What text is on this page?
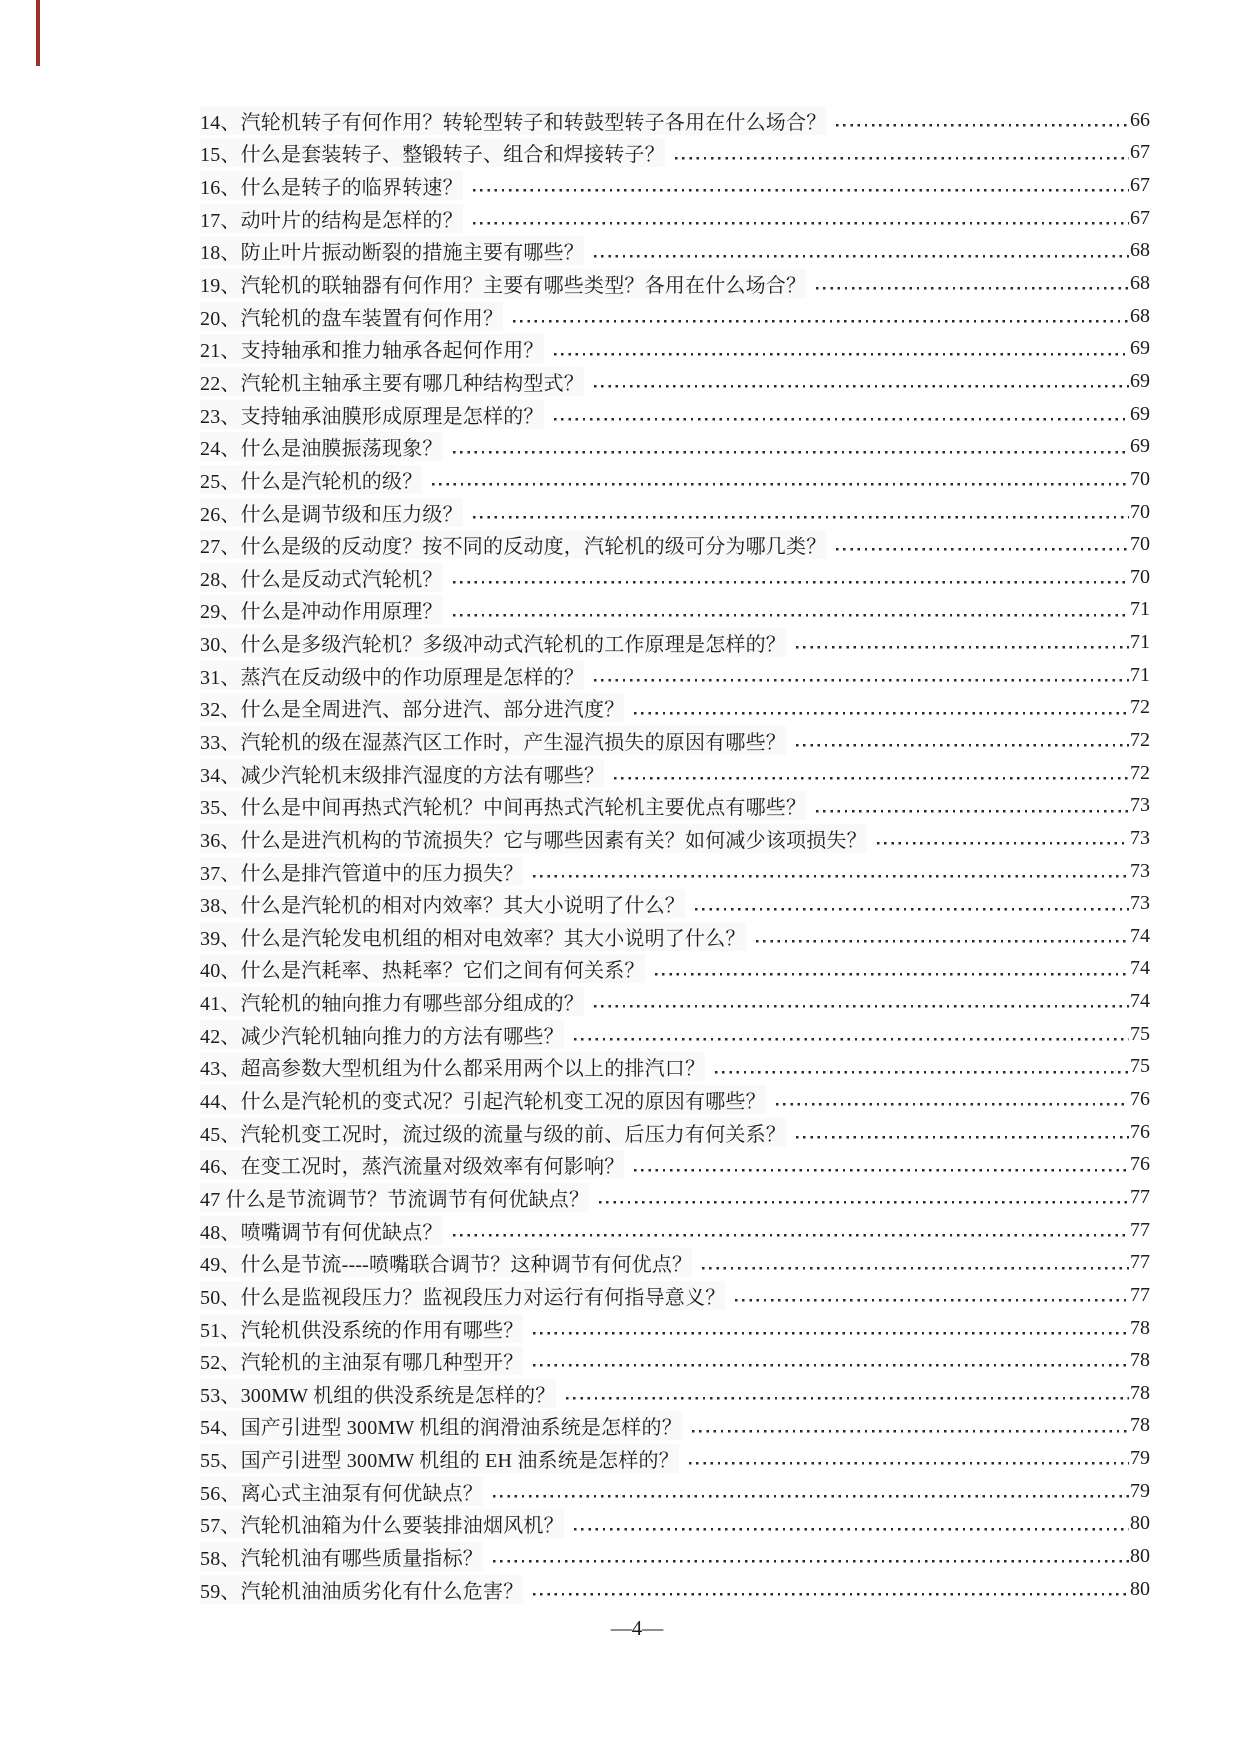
14、汽轮机转子有何作用？转轮型转子和转鼓型转子各用在什么场合？	66
15、什么是套装转子、整锻转子、组合和焊接转子？	67
16、什么是转子的临界转速？	67
17、动叶片的结构是怎样的？	67
18、防止叶片振动断裂的措施主要有哪些？	68
19、汽轮机的联轴器有何作用？主要有哪些类型？各用在什么场合？	68
20、汽轮机的盘车装置有何作用？	68
21、支持轴承和推力轴承各起何作用？	69
22、汽轮机主轴承主要有哪几种结构型式？	69
23、支持轴承油膜形成原理是怎样的？	69
24、什么是油膜振荡现象？	69
25、什么是汽轮机的级？	70
26、什么是调节级和压力级？	70
27、什么是级的反动度？按不同的反动度，汽轮机的级可分为哪几类？	70
28、什么是反动式汽轮机？	70
29、什么是冲动作用原理？	71
30、什么是多级汽轮机？多级冲动式汽轮机的工作原理是怎样的？	71
31、蒸汽在反动级中的作功原理是怎样的？	71
32、什么是全周进汽、部分进汽、部分进汽度？	72
33、汽轮机的级在湿蒸汽区工作时，产生湿汽损失的原因有哪些？	72
34、减少汽轮机末级排汽湿度的方法有哪些？	72
35、什么是中间再热式汽轮机？中间再热式汽轮机主要优点有哪些？	73
36、什么是进汽机构的节流损失？它与哪些因素有关？如何减少该项损失？	73
37、什么是排汽管道中的压力损失？	73
38、什么是汽轮机的相对内效率？其大小说明了什么？	73
39、什么是汽轮发电机组的相对电效率？其大小说明了什么？	74
40、什么是汽耗率、热耗率？它们之间有何关系？	74
41、汽轮机的轴向推力有哪些部分组成的？	74
42、减少汽轮机轴向推力的方法有哪些？	75
43、超高参数大型机组为什么都采用两个以上的排汽口？	75
44、什么是汽轮机的变式况？引起汽轮机变工况的原因有哪些？	76
45、汽轮机变工况时，流过级的流量与级的前、后压力有何关系？	76
46、在变工况时，蒸汽流量对级效率有何影响？	76
47 什么是节流调节？节流调节有何优缺点？	77
48、喷嘴调节有何优缺点？	77
49、什么是节流----喷嘴联合调节？这种调节有何优点？	77
50、什么是监视段压力？监视段压力对运行有何指导意义？	77
51、汽轮机供没系统的作用有哪些？	78
52、汽轮机的主油泵有哪几种型开？	78
53、300MW 机组的供没系统是怎样的？	78
54、国产引进型 300MW 机组的润滑油系统是怎样的？	78
55、国产引进型 300MW 机组的 EH 油系统是怎样的？	79
56、离心式主油泵有何优缺点？	79
57、汽轮机油箱为什么要装排油烟风机？	80
58、汽轮机油有哪些质量指标？	80
59、汽轮机油油质劣化有什么危害？	80
—4—
